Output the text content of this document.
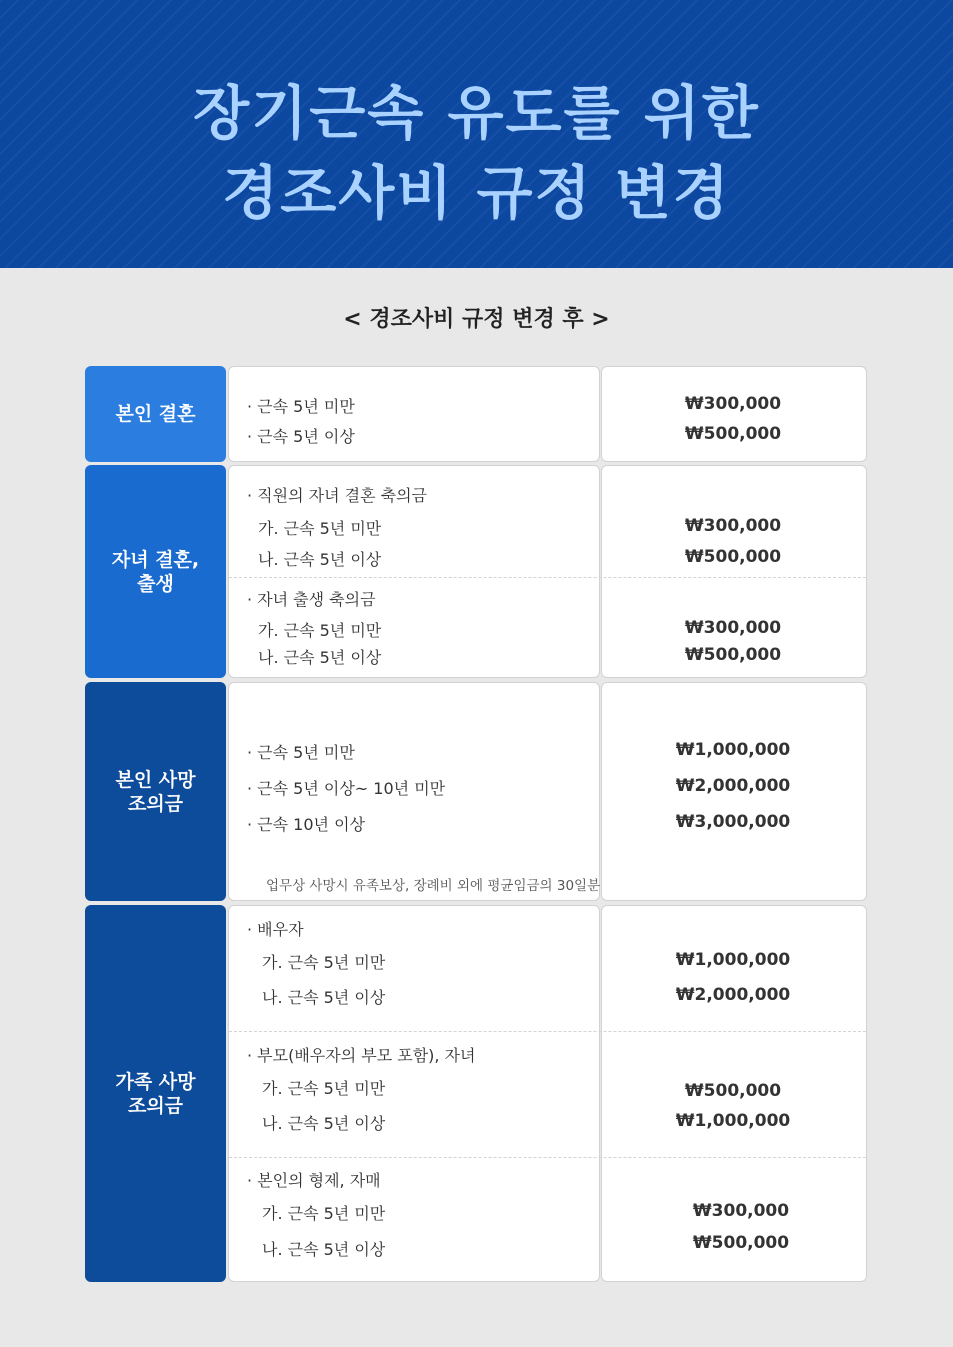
장기근속 유도를 위한
경조사비 규정 변경
< 경조사비 규정 변경 후 >
본인 결혼	· 근속 5년 미만
· 근속 5년 이상
₩300,000
₩500,000
자녀 결혼,
출생
· 직원의 자녀 결혼 축의금
가. 근속 5년 미만
나. 근속 5년 이상
₩300,000
₩500,000
· 자녀 출생 축의금
가. 근속 5년 미만
나. 근속 5년 이상
₩300,000
₩500,000
본인 사망
조의금
· 근속 5년 미만
· 근속 5년 이상~ 10년 미만
· 근속 10년 이상
₩1,000,000
₩2,000,000
₩3,000,000
업무상 사망시 유족보상, 장례비 외에 평균임금의 30일분
가족 사망
조의금
· 배우자
가. 근속 5년 미만
나. 근속 5년 이상
₩1,000,000
₩2,000,000
· 부모(배우자의 부모 포함), 자녀
가. 근속 5년 미만
나. 근속 5년 이상
₩500,000
₩1,000,000
· 본인의 형제, 자매
가. 근속 5년 미만
나. 근속 5년 이상
₩300,000
₩500,000
